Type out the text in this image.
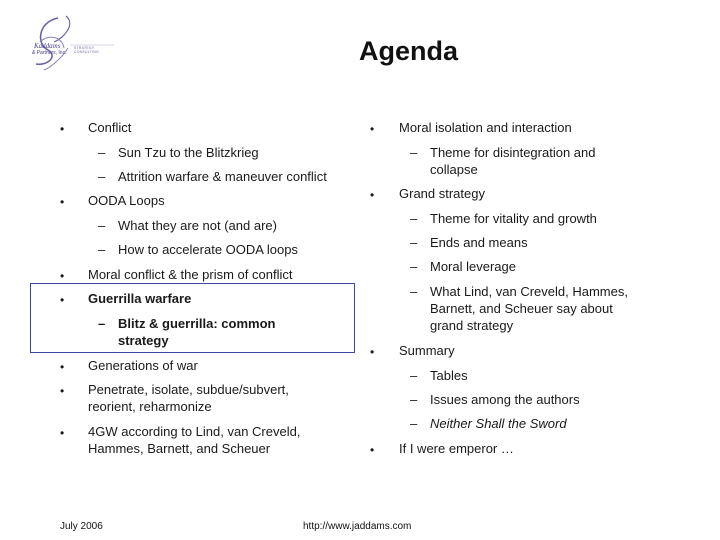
Kaddams
& Partners, Inc.
STRATEGY CONSULTING	Agenda
• Conflict
– Sun Tzu to the Blitzkrieg
– Attrition warfare & maneuver conflict
• OODA Loops
– What they are not (and are)
– How to accelerate OODA loops
• Moral conflict & the prism of conflict
• Guerrilla warfare
– Blitz & guerrilla: common
strategy
• Generations of war
• Penetrate, isolate, subdue/subvert,
reorient, reharmonize
• 4GW according to Lind, van Creveld,
Hammes, Barnett, and Scheuer
• Moral isolation and interaction
– Theme for disintegration and
collapse
• Grand strategy
– Theme for vitality and growth
– Ends and means
– Moral leverage
– What Lind, van Creveld, Hammes,
Barnett, and Scheuer say about
grand strategy
• Summary
– Tables
– Issues among the authors
– Neither Shall the Sword
• If I were emperor …
July 2006	http://www.jaddams.com
